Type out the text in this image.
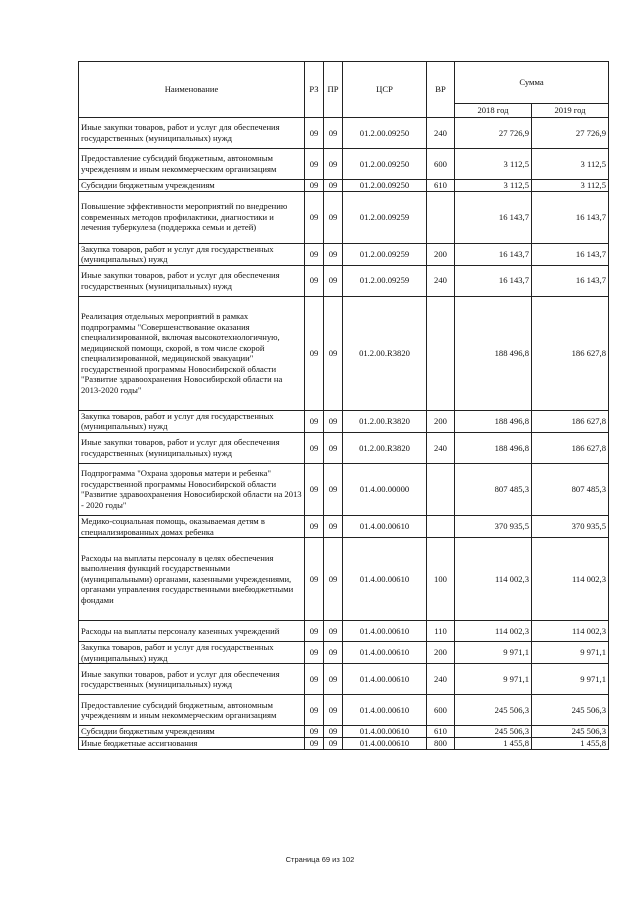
Наименование	РЗ	ПР	ЦСР	ВР	Сумма	
					2018 год	2019 год
Иные закупки товаров, работ и услуг для обеспечения государственных (муниципальных) нужд	09	09	01.2.00.09250	240	27 726,9	27 726,9
Предоставление субсидий бюджетным, автономным учреждениям и иным некоммерческим организациям	09	09	01.2.00.09250	600	3 112,5	3 112,5
Субсидии бюджетным учреждениям	09	09	01.2.00.09250	610	3 112,5	3 112,5
Повышение эффективности мероприятий по внедрению современных методов профилактики, диагностики и лечения туберкулеза (поддержка семьи и детей)	09	09	01.2.00.09259		16 143,7	16 143,7
Закупка товаров, работ и услуг для государственных (муниципальных) нужд	09	09	01.2.00.09259	200	16 143,7	16 143,7
Иные закупки товаров, работ и услуг для обеспечения государственных (муниципальных) нужд	09	09	01.2.00.09259	240	16 143,7	16 143,7
Реализация отдельных мероприятий в рамках подпрограммы "Совершенствование оказания специализированной, включая высокотехнологичную, медицинской помощи, скорой, в том числе скорой специализированной, медицинской эвакуации" государственной программы Новосибирской области "Развитие здравоохранения Новосибирской области на 2013-2020 годы"	09	09	01.2.00.R3820		188 496,8	186 627,8
Закупка товаров, работ и услуг для государственных (муниципальных) нужд	09	09	01.2.00.R3820	200	188 496,8	186 627,8
Иные закупки товаров, работ и услуг для обеспечения государственных (муниципальных) нужд	09	09	01.2.00.R3820	240	188 496,8	186 627,8
Подпрограмма "Охрана здоровья матери и ребенка" государственной программы Новосибирской области "Развитие здравоохранения Новосибирской области на 2013 - 2020 годы"	09	09	01.4.00.00000		807 485,3	807 485,3
Медико-социальная помощь, оказываемая детям в специализированных домах ребенка	09	09	01.4.00.00610		370 935,5	370 935,5
Расходы на выплаты персоналу в целях обеспечения выполнения функций государственными (муниципальными) органами, казенными учреждениями, органами управления государственными внебюджетными фондами	09	09	01.4.00.00610	100	114 002,3	114 002,3
Расходы на выплаты персоналу казенных учреждений	09	09	01.4.00.00610	110	114 002,3	114 002,3
Закупка товаров, работ и услуг для государственных (муниципальных) нужд	09	09	01.4.00.00610	200	9 971,1	9 971,1
Иные закупки товаров, работ и услуг для обеспечения государственных (муниципальных) нужд	09	09	01.4.00.00610	240	9 971,1	9 971,1
Предоставление субсидий бюджетным, автономным учреждениям и иным некоммерческим организациям	09	09	01.4.00.00610	600	245 506,3	245 506,3
Субсидии бюджетным учреждениям	09	09	01.4.00.00610	610	245 506,3	245 506,3
Иные бюджетные ассигнования	09	09	01.4.00.00610	800	1 455,8	1 455,8
Страница 69 из 102
